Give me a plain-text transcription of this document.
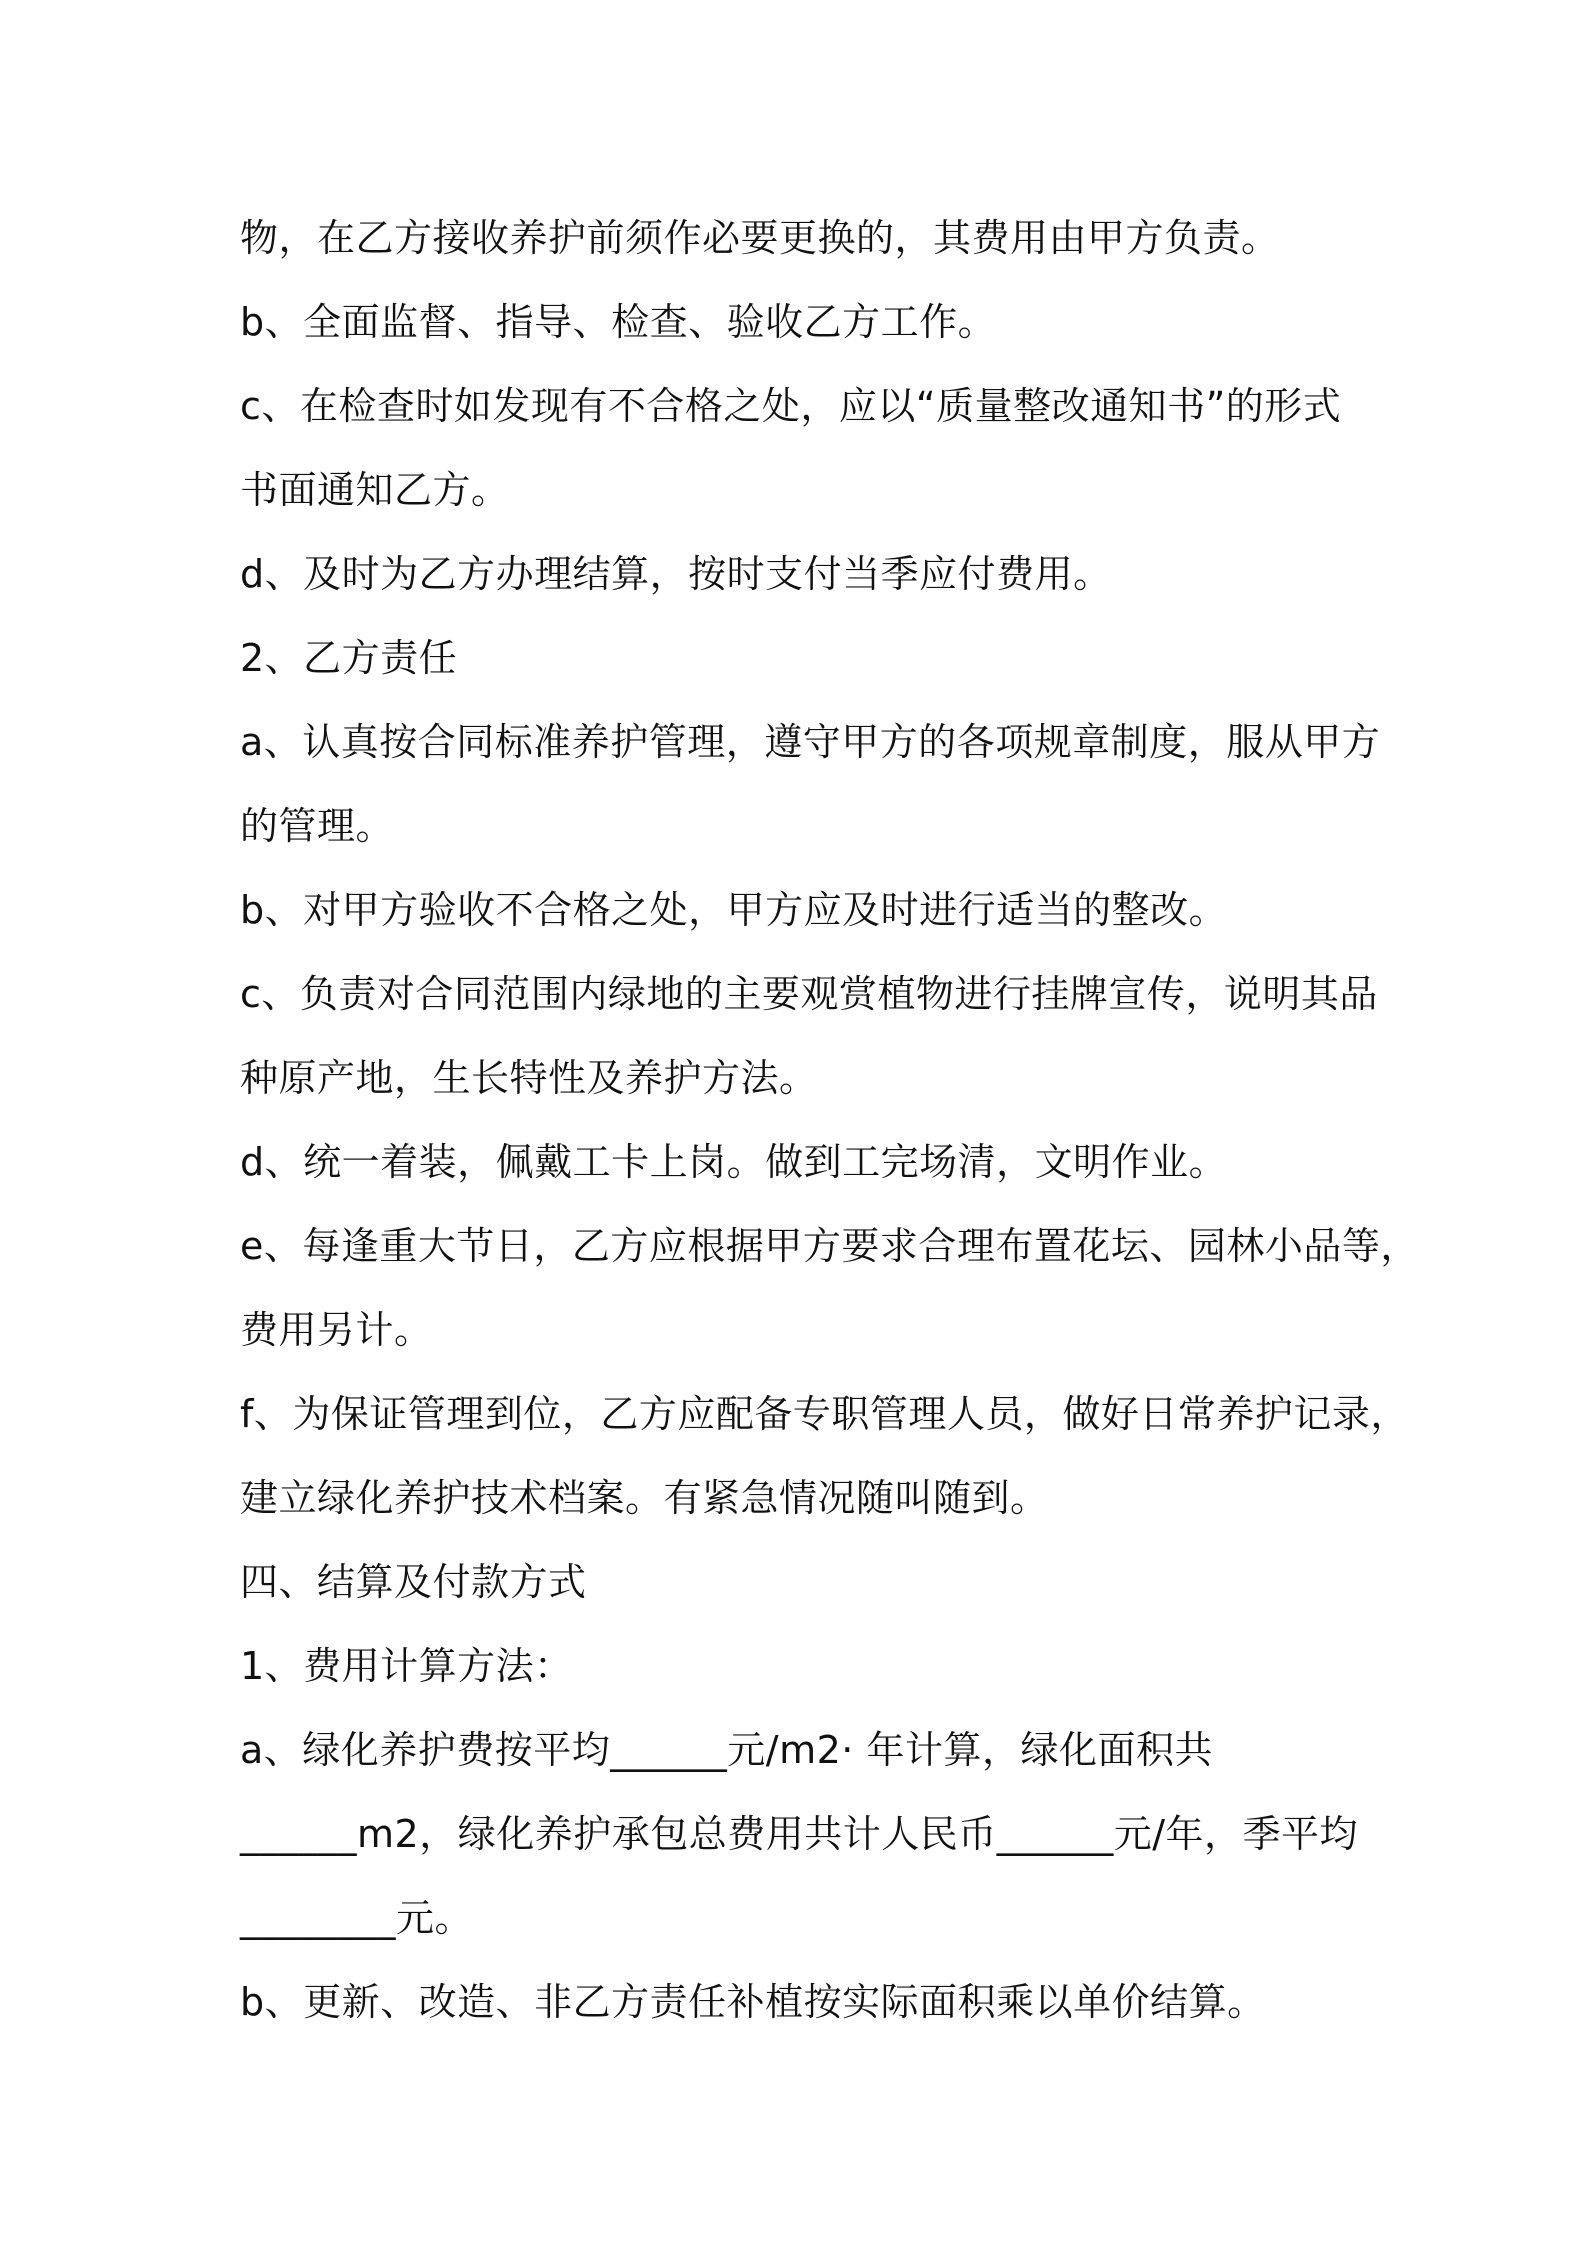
物，在乙方接收养护前须作必要更换的，其费用由甲方负责。
b、全面监督、指导、检查、验收乙方工作。
c、在检查时如发现有不合格之处，应以“质量整改通知书”的形式
书面通知乙方。
d、及时为乙方办理结算，按时支付当季应付费用。
2、乙方责任
a、认真按合同标准养护管理，遵守甲方的各项规章制度，服从甲方
的管理。
b、对甲方验收不合格之处，甲方应及时进行适当的整改。
c、负责对合同范围内绿地的主要观赏植物进行挂牌宣传，说明其品
种原产地，生长特性及养护方法。
d、统一着装，佩戴工卡上岗。做到工完场清，文明作业。
e、每逢重大节日，乙方应根据甲方要求合理布置花坛、园林小品等，
费用另计。
f、为保证管理到位，乙方应配备专职管理人员，做好日常养护记录，
建立绿化养护技术档案。有紧急情况随叫随到。
四、结算及付款方式
1、费用计算方法：
a、绿化养护费按平均______元/m2· 年计算，绿化面积共
______m2，绿化养护承包总费用共计人民币______元/年，季平均
________元。
b、更新、改造、非乙方责任补植按实际面积乘以单价结算。
